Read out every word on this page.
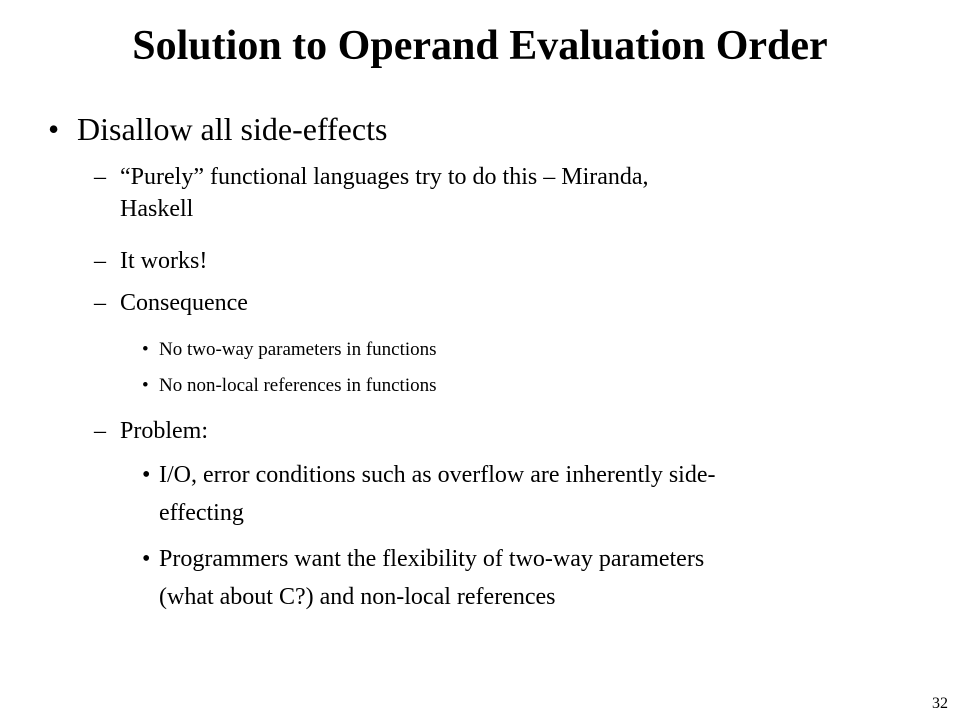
Solution to Operand Evaluation Order
• Disallow all side-effects
– “Purely” functional languages try to do this – Miranda,
Haskell
– It works!
– Consequence
• No two-way parameters in functions
• No non-local references in functions
– Problem:
• I/O, error conditions such as overflow are inherently side-
effecting
• Programmers want the flexibility of two-way parameters
(what about C?) and non-local references
32
